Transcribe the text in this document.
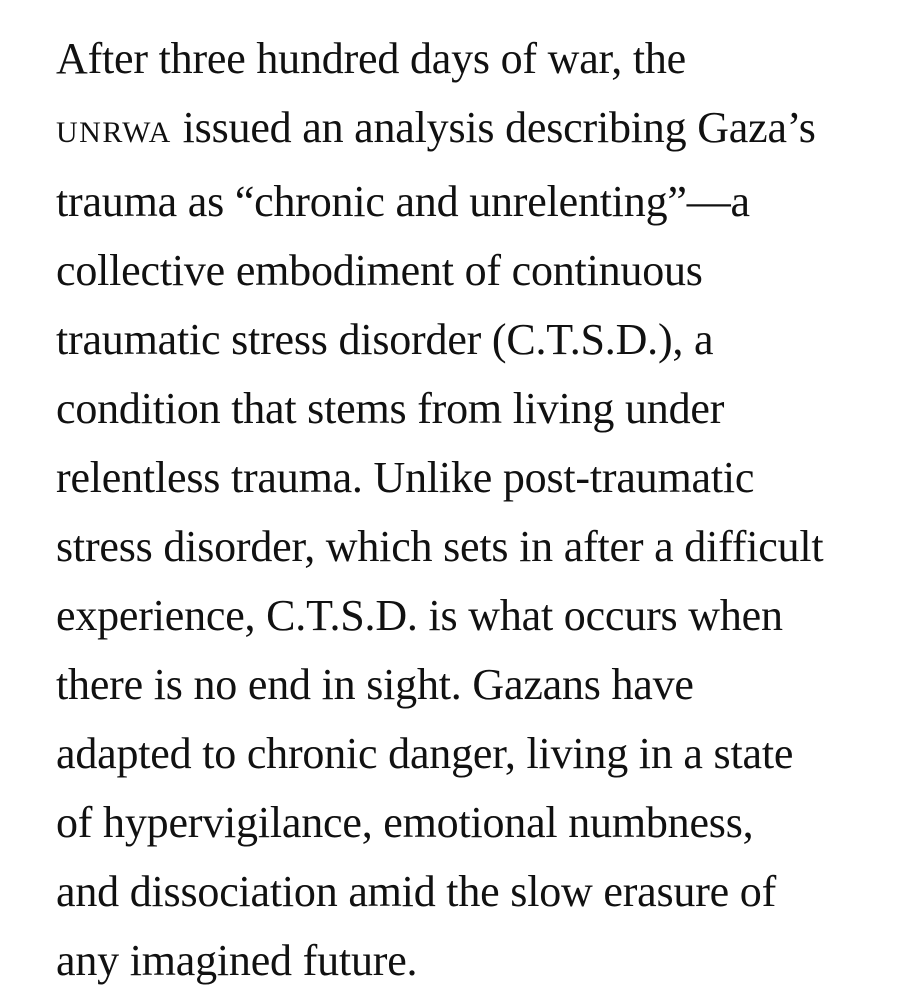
After three hundred days of war, the
UNRWA issued an analysis describing Gaza’s
trauma as “chronic and unrelenting”—a
collective embodiment of continuous
traumatic stress disorder (C.T.S.D.), a
condition that stems from living under
relentless trauma. Unlike post-traumatic
stress disorder, which sets in after a difficult
experience, C.T.S.D. is what occurs when
there is no end in sight. Gazans have
adapted to chronic danger, living in a state
of hypervigilance, emotional numbness,
and dissociation amid the slow erasure of
any imagined future.
